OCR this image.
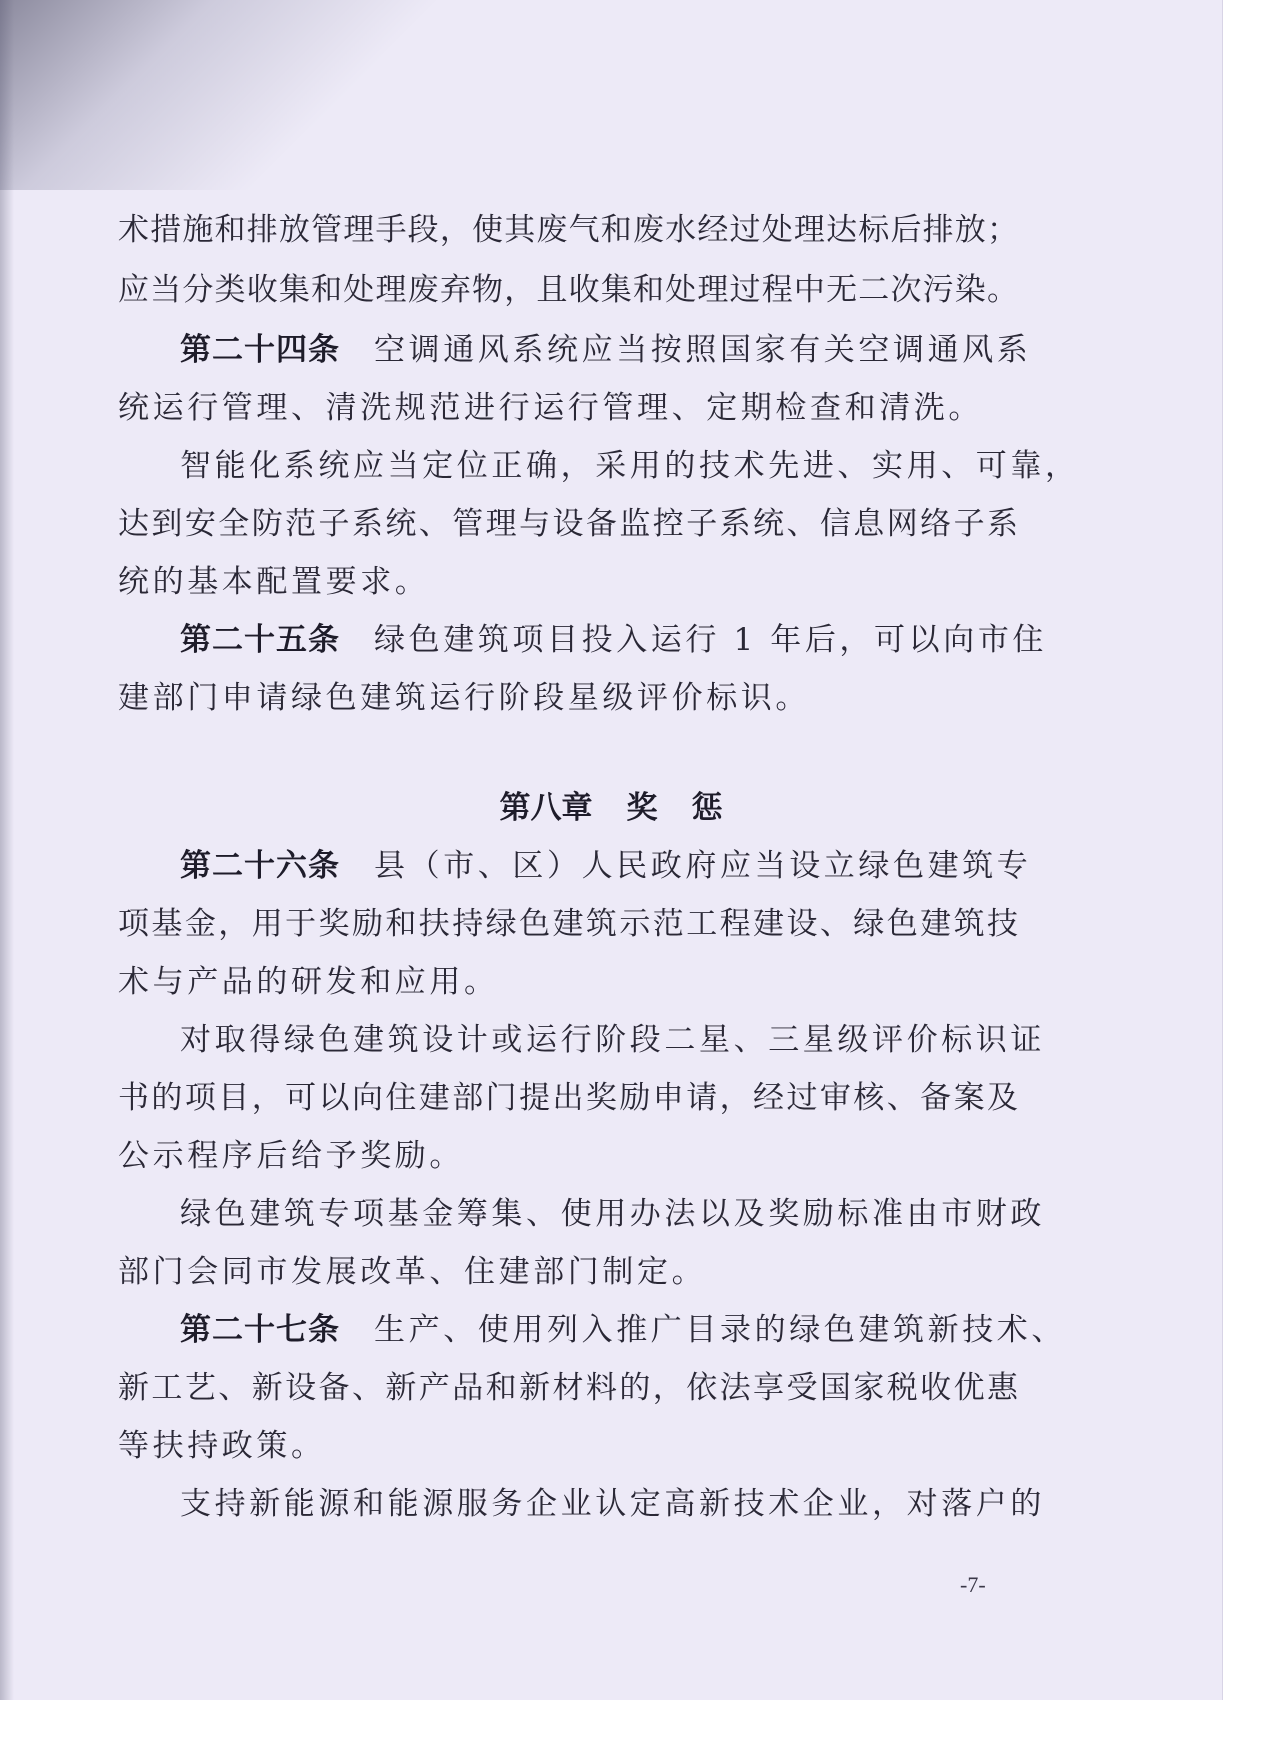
术措施和排放管理手段，使其废气和废水经过处理达标后排放；
应当分类收集和处理废弃物，且收集和处理过程中无二次污染。
第二十四条 空调通风系统应当按照国家有关空调通风系
统运行管理、清洗规范进行运行管理、定期检查和清洗。
智能化系统应当定位正确，采用的技术先进、实用、可靠，
达到安全防范子系统、管理与设备监控子系统、信息网络子系
统的基本配置要求。
第二十五条 绿色建筑项目投入运行 1 年后，可以向市住
建部门申请绿色建筑运行阶段星级评价标识。
第八章 奖 惩
第二十六条 县（市、区）人民政府应当设立绿色建筑专
项基金，用于奖励和扶持绿色建筑示范工程建设、绿色建筑技
术与产品的研发和应用。
对取得绿色建筑设计或运行阶段二星、三星级评价标识证
书的项目，可以向住建部门提出奖励申请，经过审核、备案及
公示程序后给予奖励。
绿色建筑专项基金筹集、使用办法以及奖励标准由市财政
部门会同市发展改革、住建部门制定。
第二十七条 生产、使用列入推广目录的绿色建筑新技术、
新工艺、新设备、新产品和新材料的，依法享受国家税收优惠
等扶持政策。
支持新能源和能源服务企业认定高新技术企业，对落户的
-7-
